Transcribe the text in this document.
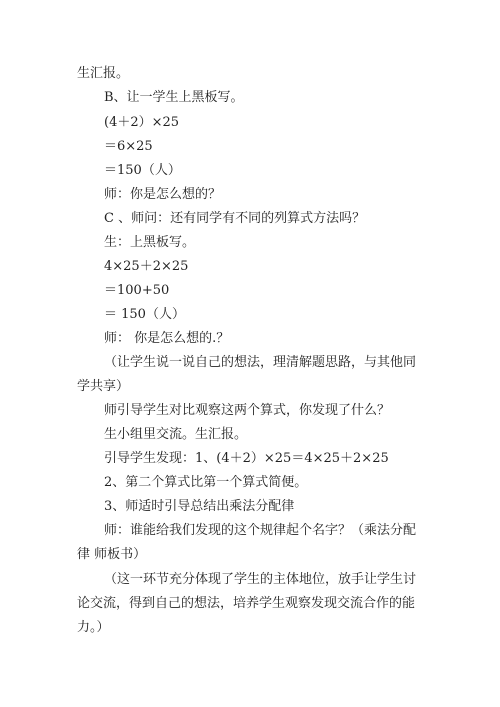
生汇报。
B、让一学生上黑板写。
(4＋2）×25
＝6×25
＝150（人）
师：你是怎么想的？
C 、师问：还有同学有不同的列算式方法吗？
生：上黑板写。
4×25＋2×25
＝100+50
＝ 150（人）
师： 你是怎么想的.？
（让学生说一说自己的想法，理清解题思路，与其他同
学共享）
师引导学生对比观察这两个算式，你发现了什么？
生小组里交流。生汇报。
引导学生发现：1、(4＋2）×25＝4×25＋2×25
2、第二个算式比第一个算式简便。
3、师适时引导总结出乘法分配律
师：谁能给我们发现的这个规律起个名字？（乘法分配
律 师板书）
（这一环节充分体现了学生的主体地位，放手让学生讨
论交流，得到自己的想法，培养学生观察发现交流合作的能
力。）
